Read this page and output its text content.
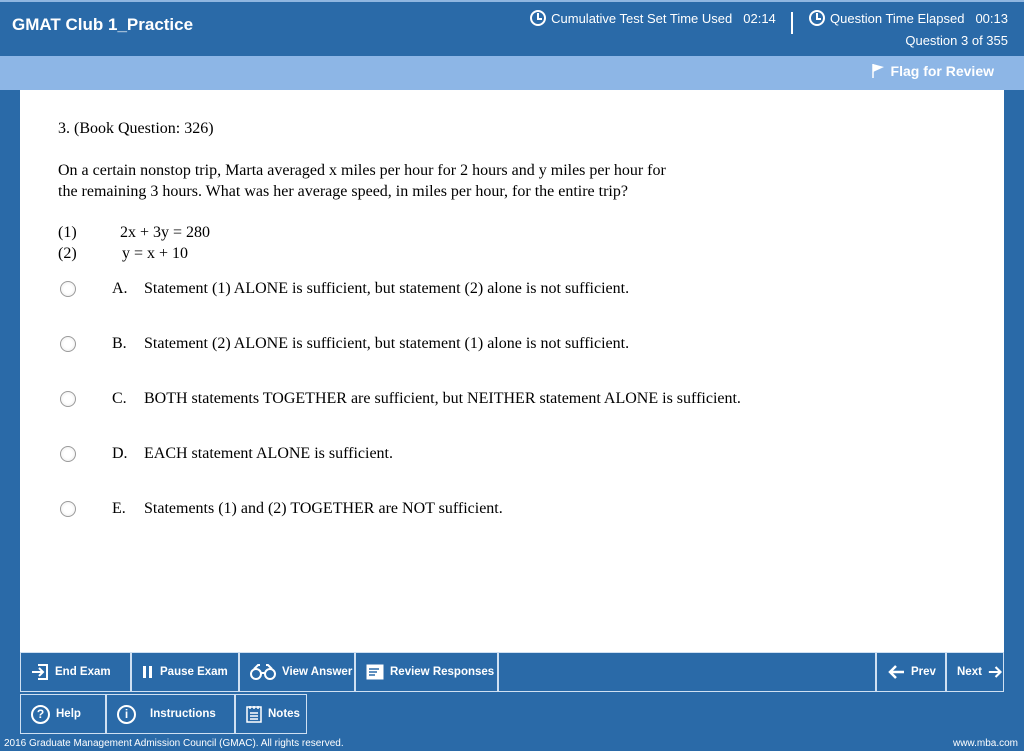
GMAT Club 1_Practice	Cumulative Test Set Time Used 02:14
	Question Time Elapsed 00:13
Question 3 of 355
Flag for Review
3. (Book Question: 326)
On a certain nonstop trip, Marta averaged x miles per hour for 2 hours and y miles per hour for
the remaining 3 hours. What was her average speed, in miles per hour, for the entire trip?
(1)	2x + 3y = 280
(2)	y = x + 10
A.	Statement (1) ALONE is sufficient, but statement (2) alone is not sufficient.
B.	Statement (2) ALONE is sufficient, but statement (1) alone is not sufficient.
C.	BOTH statements TOGETHER are sufficient, but NEITHER statement ALONE is sufficient.
D.	EACH statement ALONE is sufficient.
E.	Statements (1) and (2) TOGETHER are NOT sufficient.
End Exam	Pause Exam	View Answer	Review Responses	Prev Next
?	Help	i	Instructions	Notes
2016 Graduate Management Admission Council (GMAC). All rights reserved.	www.mba.com
